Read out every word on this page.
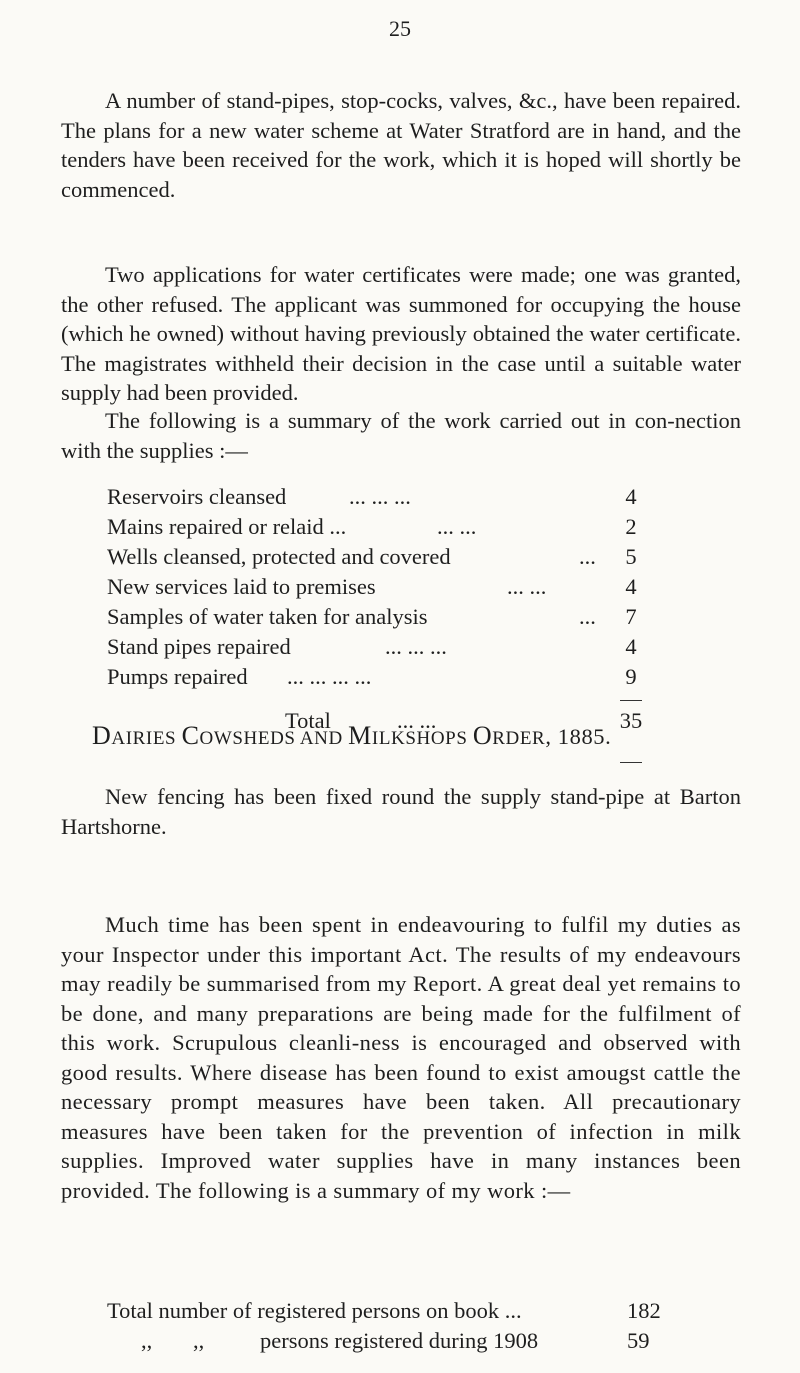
25

A number of stand-pipes, stop-cocks, valves, &c., have been repaired. The plans for a new water scheme at Water Stratford are in hand, and the tenders have been received for the work, which it is hoped will shortly be commenced.

Two applications for water certificates were made; one was granted, the other refused. The applicant was summoned for occupying the house (which he owned) without having previously obtained the water certificate. The magistrates withheld their decision in the case until a suitable water supply had been provided.

The following is a summary of the work carried out in con-nection with the supplies :—

Reservoirs cleansed	... ... ...	4
Mains repaired or relaid ...	... ...	2
Wells cleansed, protected and covered	...	5
New services laid to premises	... ...	4
Samples of water taken for analysis	...	7
Stand pipes repaired	... ... ...	4
Pumps repaired ... ... ... ...	9
Total	... ...	35

New fencing has been fixed round the supply stand-pipe at Barton Hartshorne.

DAIRIES COWSHEDS AND MILKSHOPS ORDER, 1885.

Much time has been spent in endeavouring to fulfil my duties as your Inspector under this important Act. The results of my endeavours may readily be summarised from my Report. A great deal yet remains to be done, and many preparations are being made for the fulfilment of this work. Scrupulous cleanli-ness is encouraged and observed with good results. Where disease has been found to exist amougst cattle the necessary prompt measures have been taken. All precautionary measures have been taken for the prevention of infection in milk supplies. Improved water supplies have in many instances been provided. The following is a summary of my work :—

Total number of registered persons on book ...	182
,, ,, persons registered during 1908	59
